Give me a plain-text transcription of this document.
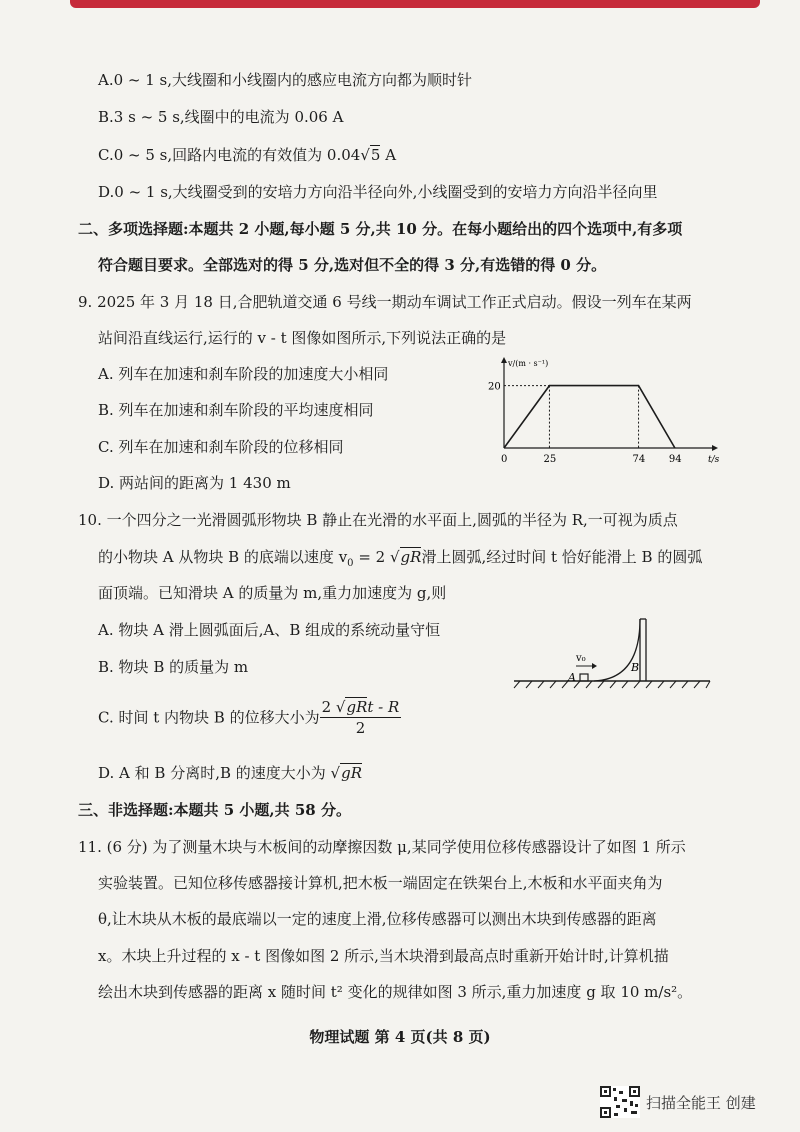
A.0 ~ 1 s,大线圈和小线圈内的感应电流方向都为顺时针
B.3 s ~ 5 s,线圈中的电流为 0.06 A
C.0 ~ 5 s,回路内电流的有效值为 0.04√5 A
D.0 ~ 1 s,大线圈受到的安培力方向沿半径向外,小线圈受到的安培力方向沿半径向里
二、多项选择题:本题共 2 小题,每小题 5 分,共 10 分。在每小题给出的四个选项中,有多项
符合题目要求。全部选对的得 5 分,选对但不全的得 3 分,有选错的得 0 分。
9. 2025 年 3 月 18 日,合肥轨道交通 6 号线一期动车调试工作正式启动。假设一列车在某两
站间沿直线运行,运行的 v - t 图像如图所示,下列说法正确的是
A. 列车在加速和刹车阶段的加速度大小相同
B. 列车在加速和刹车阶段的平均速度相同
C. 列车在加速和刹车阶段的位移相同
D. 两站间的距离为 1 430 m
0	25	74 94
20
t/s
v/(m · s⁻¹)
10. 一个四分之一光滑圆弧形物块 B 静止在光滑的水平面上,圆弧的半径为 R,一可视为质点
的小物块 A 从物块 B 的底端以速度 $v_0 = 2$ √gR滑上圆弧,经过时间 t 恰好能滑上 B 的圆弧
面顶端。已知滑块 A 的质量为 m,重力加速度为 g,则
A. 物块 A 滑上圆弧面后,A、B 组成的系统动量守恒
B. 物块 B 的质量为 m
C. 时间 t 内物块 B 的位移大小为 $\frac{\text{2 √gRt - R}}{2}$
D. A 和 B 分离时,B 的速度大小为 √gR
v₀
A
B
三、非选择题:本题共 5 小题,共 58 分。
11. (6 分) 为了测量木块与木板间的动摩擦因数 μ,某同学使用位移传感器设计了如图 1 所示
实验装置。已知位移传感器接计算机,把木板一端固定在铁架台上,木板和水平面夹角为
θ,让木块从木板的最底端以一定的速度上滑,位移传感器可以测出木块到传感器的距离
x。木块上升过程的 x - t 图像如图 2 所示,当木块滑到最高点时重新开始计时,计算机描
绘出木块到传感器的距离 x 随时间 t² 变化的规律如图 3 所示,重力加速度 g 取 10 m/s²。
物理试题 第 4 页(共 8 页)
扫描全能王 创建
